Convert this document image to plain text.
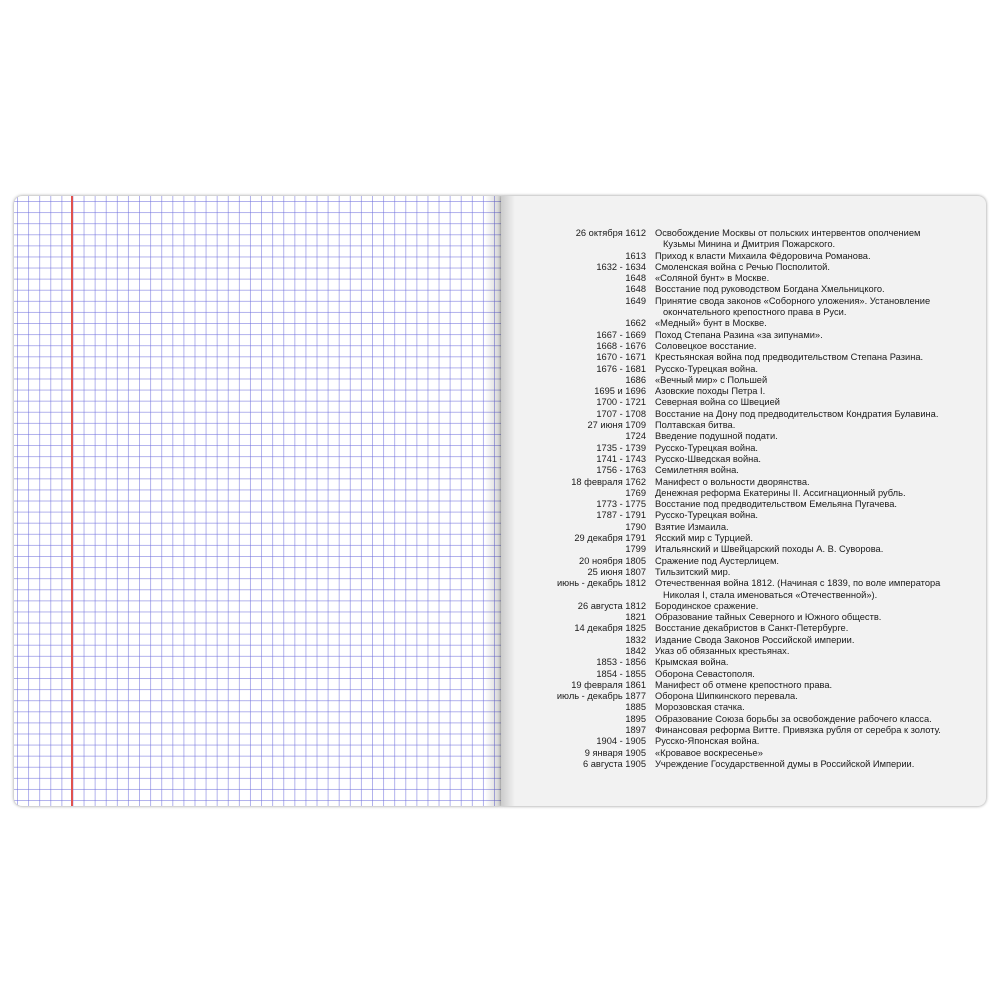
26 октября 1612 Освобождение Москвы от польских интервентов ополчением
Кузьмы Минина и Дмитрия Пожарского.
1613 Приход к власти Михаила Фёдоровича Романова.
1632 - 1634 Смоленская война с Речью Посполитой.
1648 «Соляной бунт» в Москве.
1648 Восстание под руководством Богдана Хмельницкого.
1649 Принятие свода законов «Соборного уложения». Установление
окончательного крепостного права в Руси.
1662 «Медный» бунт в Москве.
1667 - 1669 Поход Степана Разина «за зипунами».
1668 - 1676 Соловецкое восстание.
1670 - 1671 Крестьянская война под предводительством Степана Разина.
1676 - 1681 Русско-Турецкая война.
1686 «Вечный мир» с Польшей
1695 и 1696 Азовские походы Петра I.
1700 - 1721 Северная война со Швецией
1707 - 1708 Восстание на Дону под предводительством Кондратия Булавина.
27 июня 1709 Полтавская битва.
1724 Введение подушной подати.
1735 - 1739 Русско-Турецкая война.
1741 - 1743 Русско-Шведская война.
1756 - 1763 Семилетняя война.
18 февраля 1762 Манифест о вольности дворянства.
1769 Денежная реформа Екатерины II. Ассигнационный рубль.
1773 - 1775 Восстание под предводительством Емельяна Пугачева.
1787 - 1791 Русско-Турецкая война.
1790 Взятие Измаила.
29 декабря 1791 Ясский мир с Турцией.
1799 Итальянский и Швейцарский походы А. В. Суворова.
20 ноября 1805 Сражение под Аустерлицем.
25 июня 1807 Тильзитский мир.
июнь - декабрь 1812 Отечественная война 1812. (Начиная с 1839, по воле императора
Николая I, стала именоваться «Отечественной»).
26 августа 1812 Бородинское сражение.
1821 Образование тайных Северного и Южного обществ.
14 декабря 1825 Восстание декабристов в Санкт-Петербурге.
1832 Издание Свода Законов Российской империи.
1842 Указ об обязанных крестьянах.
1853 - 1856 Крымская война.
1854 - 1855 Оборона Севастополя.
19 февраля 1861 Манифест об отмене крепостного права.
июль - декабрь 1877 Оборона Шипкинского перевала.
1885 Морозовская стачка.
1895 Образование Союза борьбы за освобождение рабочего класса.
1897 Финансовая реформа Витте. Привязка рубля от серебра к золоту.
1904 - 1905 Русско-Японская война.
9 января 1905 «Кровавое воскресенье»
6 августа 1905 Учреждение Государственной думы в Российской Империи.
